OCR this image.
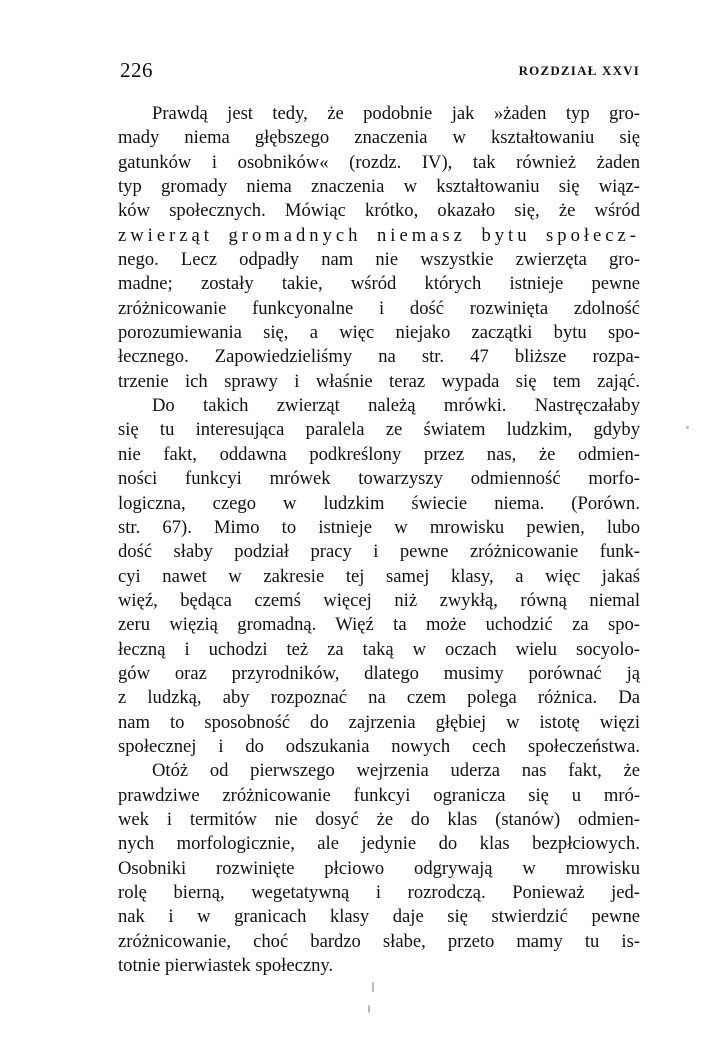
226	ROZDZIAŁ XXVI
Prawdą jest tedy, że podobnie jak »żaden typ gro-
mady niema głębszego znaczenia w kształtowaniu się
gatunków i osobników« (rozdz. IV), tak również żaden
typ gromady niema znaczenia w kształtowaniu się wiąz-
ków społecznych. Mówiąc krótko, okazało się, że wśród
zwierząt gromadnych niemasz bytu społecz-
nego. Lecz odpadły nam nie wszystkie zwierzęta gro-
madne; zostały takie, wśród których istnieje pewne
zróżnicowanie funkcyonalne i dość rozwinięta zdolność
porozumiewania się, a więc niejako zaczątki bytu spo-
łecznego. Zapowiedzieliśmy na str. 47 bliższe rozpa-
trzenie ich sprawy i właśnie teraz wypada się tem zająć.
Do takich zwierząt należą mrówki. Nastręczałaby
się tu interesująca paralela ze światem ludzkim, gdyby
nie fakt, oddawna podkreślony przez nas, że odmien-
ności funkcyi mrówek towarzyszy odmienność morfo-
logiczna, czego w ludzkim świecie niema. (Porówn.
str. 67). Mimo to istnieje w mrowisku pewien, lubo
dość słaby podział pracy i pewne zróżnicowanie funk-
cyi nawet w zakresie tej samej klasy, a więc jakaś
więź, będąca czemś więcej niż zwykłą, równą niemal
zeru więzią gromadną. Więź ta może uchodzić za spo-
łeczną i uchodzi też za taką w oczach wielu socyolo-
gów oraz przyrodników, dlatego musimy porównać ją
z ludzką, aby rozpoznać na czem polega różnica. Da
nam to sposobność do zajrzenia głębiej w istotę więzi
społecznej i do odszukania nowych cech społeczeństwa.
Otóż od pierwszego wejrzenia uderza nas fakt, że
prawdziwe zróżnicowanie funkcyi ogranicza się u mró-
wek i termitów nie dosyć że do klas (stanów) odmien-
nych morfologicznie, ale jedynie do klas bezpłciowych.
Osobniki rozwinięte płciowo odgrywają w mrowisku
rolę bierną, wegetatywną i rozrodczą. Ponieważ jed-
nak i w granicach klasy daje się stwierdzić pewne
zróżnicowanie, choć bardzo słabe, przeto mamy tu is-
totnie pierwiastek społeczny.
